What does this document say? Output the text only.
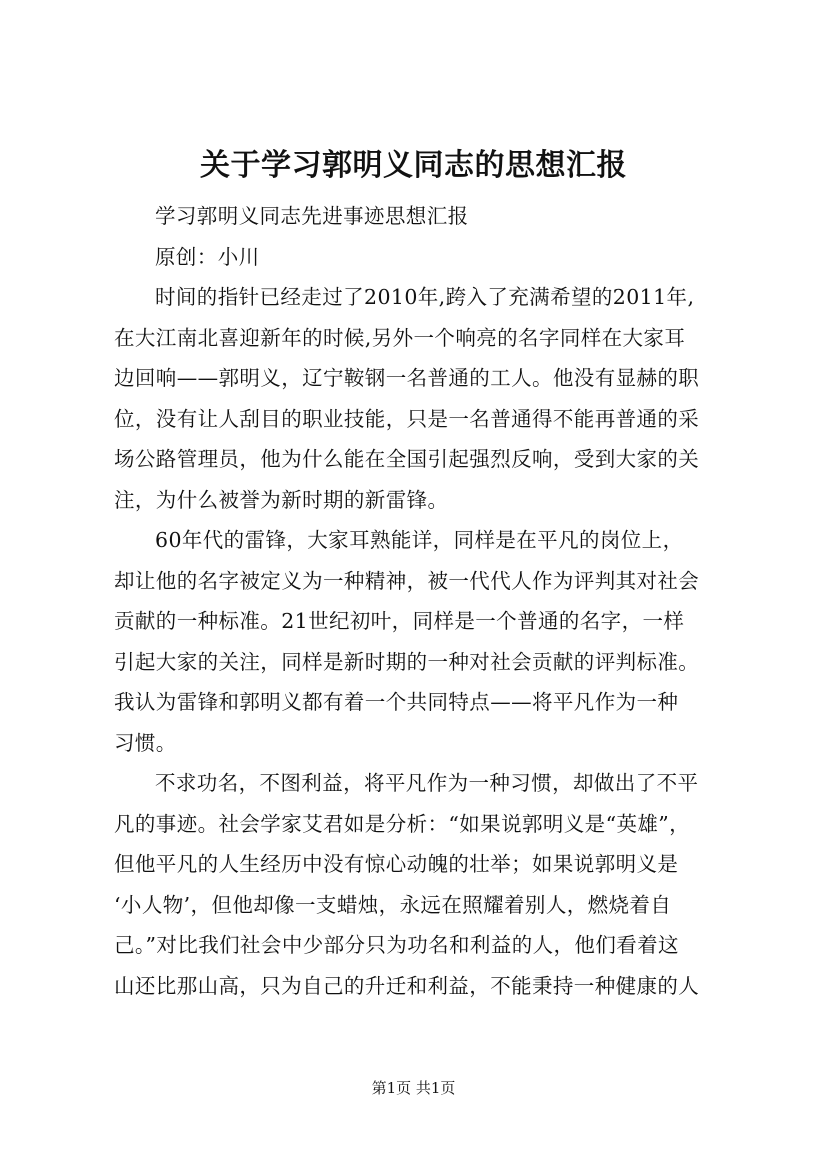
关于学习郭明义同志的思想汇报
学习郭明义同志先进事迹思想汇报
原创：小川
时间的指针已经走过了2010年,跨入了充满希望的2011年,
在大江南北喜迎新年的时候,另外一个响亮的名字同样在大家耳
边回响——郭明义，辽宁鞍钢一名普通的工人。他没有显赫的职
位，没有让人刮目的职业技能，只是一名普通得不能再普通的采
场公路管理员，他为什么能在全国引起强烈反响，受到大家的关
注，为什么被誉为新时期的新雷锋。
60年代的雷锋，大家耳熟能详，同样是在平凡的岗位上，
却让他的名字被定义为一种精神，被一代代人作为评判其对社会
贡献的一种标准。21世纪初叶，同样是一个普通的名字，一样
引起大家的关注，同样是新时期的一种对社会贡献的评判标准。
我认为雷锋和郭明义都有着一个共同特点——将平凡作为一种
习惯。
不求功名，不图利益，将平凡作为一种习惯，却做出了不平
凡的事迹。社会学家艾君如是分析：“如果说郭明义是“英雄”，
但他平凡的人生经历中没有惊心动魄的壮举；如果说郭明义是
‘小人物’，但他却像一支蜡烛，永远在照耀着别人，燃烧着自
己。”对比我们社会中少部分只为功名和利益的人，他们看着这
山还比那山高，只为自己的升迁和利益，不能秉持一种健康的人
第1页 共1页
